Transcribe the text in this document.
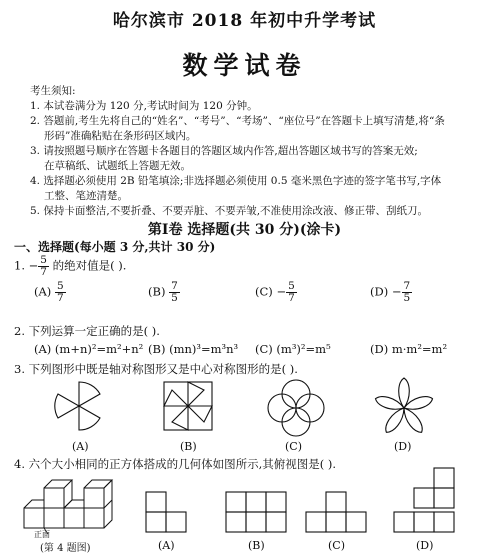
哈尔滨市 2018 年初中升学考试
数学试卷
考生须知:
1. 本试卷满分为 120 分,考试时间为 120 分钟。
2. 答题前,考生先将自己的“姓名”、“考号”、“考场”、“座位号”在答题卡上填写清楚,将“条
形码”准确粘贴在条形码区域内。
3. 请按照题号顺序在答题卡各题目的答题区域内作答,超出答题区域书写的答案无效;
在草稿纸、试题纸上答题无效。
4. 选择题必须使用 2B 铅笔填涂;非选择题必须使用 0.5 毫米黑色字迹的签字笔书写,字体
工整、笔迹清楚。
5. 保持卡面整洁,不要折叠、不要弄脏、不要弄皱,不准使用涂改液、修正带、刮纸刀。
第Ⅰ卷 选择题(共 30 分)(涂卡)
一、选择题(每小题 3 分,共计 30 分)
1. − $\frac{5}{7}$ 的绝对值是( ).
$(A) \frac{5}{7}$	$(B) \frac{7}{5}$	$(C) - \frac{5}{7}$	$(D) - \frac{7}{5}$
2. 下列运算一定正确的是( ).
(A) (m+n)²=m²+n² (B) (mn)³=m³n³ (C) (m³)²=m⁵	(D) m·m²=m²
3. 下列图形中既是轴对称图形又是中心对称图形的是( ).
(A)	(B)	(C)	(D)
4. 六个大小相同的正方体搭成的几何体如图所示,其俯视图是( ).
正面
(第 4 题图)	(A)	(B)	(C)	(D)
